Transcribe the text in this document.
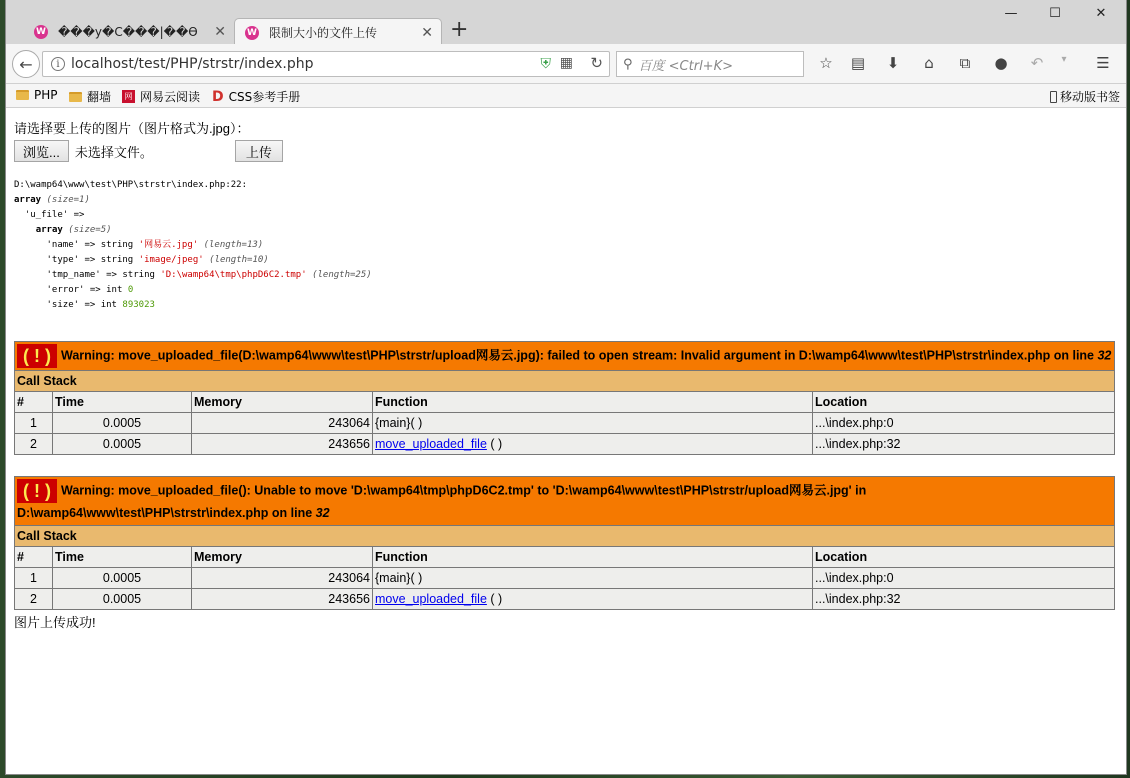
W ���y�C���|��Ө ✕ W 限制大小的文件上传	✕ +
—	☐	✕
←	i localhost/test/PHP/strstr/index.php	⛨ ▦ ↻ ⚲ 百度 <Ctrl+K>	☆ ▤ ⬇	⌂	⧉	● ↶	▾	☰
PHP 翻墙	网 网易云阅读 D CSS参考手册	移动版书签
请选择要上传的图片（图片格式为.jpg）：
浏览...	未选择文件。	上传
D:\wamp64\www\test\PHP\strstr\index.php:22:
array (size=1)
'u_file' =>
array (size=5)
'name' => string '网易云.jpg' (length=13)
'type' => string 'image/jpeg' (length=10)
'tmp_name' => string 'D:\wamp64\tmp\phpD6C2.tmp' (length=25)
'error' => int 0
'size' => int 893023
( ! ) Warning: move_uploaded_file(D:\wamp64\www\test\PHP\strstr/upload网易云.jpg): failed to open stream: Invalid argument in D:\wamp64\www\test\PHP\strstr\index.php on line 32				
Call Stack				
#	Time	Memory	Function	Location
1	0.0005	243064	{main}( )	...\index.php:0
2	0.0005	243656	move_uploaded_file ( )	...\index.php:32
( ! ) Warning: move_uploaded_file(): Unable to move 'D:\wamp64\tmp\phpD6C2.tmp' to 'D:\wamp64\www\test\PHP\strstr/upload网易云.jpg' in D:\wamp64\www\test\PHP\strstr\index.php on line 32				
Call Stack				
#	Time	Memory	Function	Location
1	0.0005	243064	{main}( )	...\index.php:0
2	0.0005	243656	move_uploaded_file ( )	...\index.php:32
图片上传成功!
